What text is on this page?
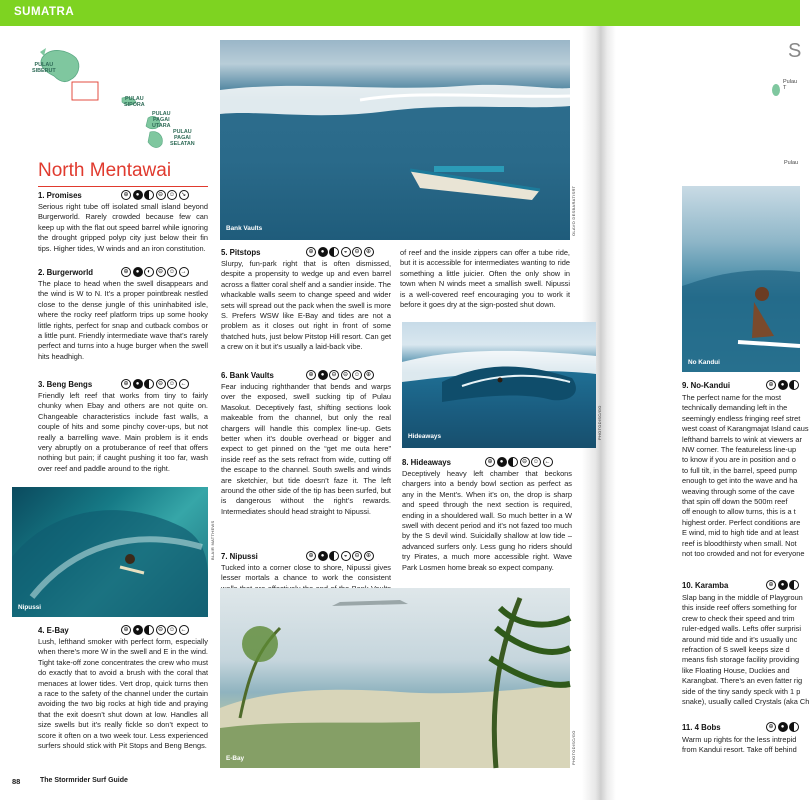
SUMATRA
PULAU
SIBERUT
PULAU
SIPORA
PULAU
PAGAI
UTARA
PULAU
PAGAI
SELATAN
North Mentawai
1. Promises	⊕	●	⊖ ☺ ↘
Serious right tube off isolated small island beyond Burgerworld. Rarely crowded because few can keep up with the flat out speed barrel while ignoring the drought gripped polyp city just below their fin tips. Higher tides, W winds and an iron constitution.
2. Burgerworld	⊕	●	◐	⊖ ☺ →
The place to head when the swell disappears and the wind is W to N. It’s a proper pointbreak nestled close to the dense jungle of this uninhabited isle, where the rocky reef platform trips up some hooky little rights, perfect for snap and cutback combos or a little punt. Friendly intermediate wave that’s rarely perfect and turns into a huge burger when the swell hits headhigh.
3. Beng Bengs	⊕	●	⊖ ☺ ←
Friendly left reef that works from tiny to fairly chunky when Ebay and others are not quite on. Changeable characteristics include fast walls, a couple of hits and some pinchy cover-ups, but not really a barrelling wave. Main problem is it ends very abruptly on a protuberance of reef that offers nothing but pain; if caught pushing it too far, wash over reef and paddle around to the right.
Nipussi
BLAIR MATTHEWS
4. E-Bay	⊕	●	⊖ ☺ ←
Lush, lefthand smoker with perfect form, especially when there’s more W in the swell and E in the wind. Tight take-off zone concentrates the crew who must do exactly that to avoid a brush with the coral that menaces at lower tides. Vert drop, quick turns then a race to the safety of the channel under the curtain avoiding the two big rocks at high tide and praying that the exit doesn’t shut down at low. Handles all size swells but it’s really fickle so don’t expect to score it often on a two week tour. Less experienced surfers should stick with Pit Stops and Beng Bengs.
Bank Vaults	OLAVO DESBARAT/SRT
5. Pitstops	⊕	●	◒	⊖	⊕
Slurpy, fun-park right that is often dismissed, despite a propensity to wedge up and even barrel across a flatter coral shelf and a sandier inside. The whackable walls seem to change speed and wider sets will spread out the pack when the swell is more S. Prefers WSW like E-Bay and tides are not a problem as it closes out right in front of some thatched huts, just below Pitstop Hill resort. Can get a crew on it but it’s usually a laid-back vibe.
6. Bank Vaults	⊕	●	⊖	⊖ ☺ ⊕
Fear inducing righthander that bends and warps over the exposed, swell sucking tip of Pulau Masokut. Deceptively fast, shifting sections look makeable from the channel, but only the real chargers will handle this complex line-up. Gets better when it’s double overhead or bigger and expect to get pinned on the “get me outa here” inside reef as the sets refract from wide, cutting off the escape to the channel. South swells and winds are sketchier, but tide doesn’t faze it. The left around the other side of the tip has been surfed, but is dangerous without the right’s rewards. Intermediates should head straight to Nipussi.
7. Nipussi	⊕	●	◒	⊖	⊕
Tucked into a corner close to shore, Nipussi gives lesser mortals a chance to work the consistent
of reef and the inside zippers can offer a tube ride, but it is accessible for intermediates wanting to ride something a little juicier. Often the only show in town when N winds meet a smallish swell. Nipussi is a well-covered reef encouraging you to work it before it goes dry at the sign-posted shut down.
Hideaways	PHOTODISC/GO
8. Hideaways	⊕	●	⊖ ☺ ←
Deceptively heavy left chamber that beckons chargers into a bendy bowl section as perfect as any in the Ment’s. When it’s on, the drop is sharp and speed through the next section is required, ending in a shouldered wall. So much better in a W swell with decent period and it’s not fazed too much by the S devil wind. Suicidally shallow at low tide – advanced surfers only. Less gung ho riders should try Pirates, a much more accessible right. Wave Park Losmen home break so expect company.
E-Bay	PHOTODISC/GO
S
Pulau T
Pulau
No Kandui
9. No-Kandui	⊕	●
The perfect name for the most
technically demanding left in the
seemingly endless fringing reef stret
west coast of Karangmajat Island caus
lefthand barrels to wink at viewers ar
NW corner. The featureless line-up
to know if you are in position and o
to full tilt, in the barrel, speed pump
enough to get into the wave and ha
weaving through some of the cave
that spin off down the 500m reef
off enough to allow turns, this is a t
highest order. Perfect conditions are
E wind, mid to high tide and at least
reef is bloodthirsty when small. Not
not too crowded and not for everyone
10. Karamba	⊕	●
Slap bang in the middle of Playgroun
this inside reef offers something for
crew to check their speed and trim
ruler-edged walls. Lefts offer surprisi
around mid tide and it’s usually unc
refraction of S swell keeps size d
means fish storage facility providing
like Floating House, Duckies and
Karangbat. There’s an even fatter rig
side of the tiny sandy speck with 1 p
snake), usually called Crystals (aka Ch
11. 4 Bobs	⊕	●
Warm up rights for the less intrepid
from Kandui resort. Take off behind
88	The Stormrider Surf Guide
